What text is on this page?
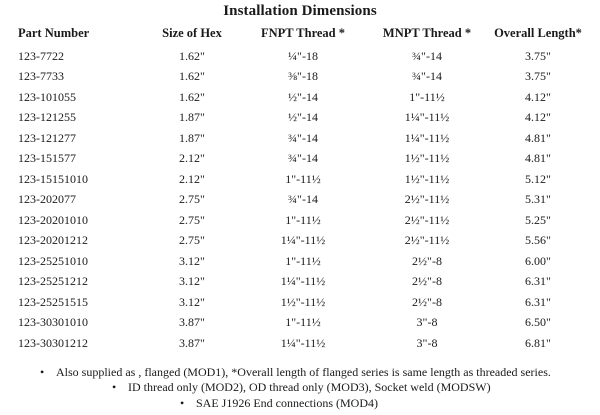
Installation Dimensions
Part Number	Size of Hex	FNPT Thread *	MNPT Thread *	Overall Length*
123-7722	1.62"	¼"-18	¾"-14	3.75"
123-7733	1.62"	⅜"-18	¾"-14	3.75"
123-101055	1.62"	½"-14	1"-11½	4.12"
123-121255	1.87"	½"-14	1¼"-11½	4.12"
123-121277	1.87"	¾"-14	1¼"-11½	4.81"
123-151577	2.12"	¾"-14	1½"-11½	4.81"
123-15151010	2.12"	1"-11½	1½"-11½	5.12"
123-202077	2.75"	¾"-14	2½"-11½	5.31"
123-20201010	2.75"	1"-11½	2½"-11½	5.25"
123-20201212	2.75"	1¼"-11½	2½"-11½	5.56"
123-25251010	3.12"	1"-11½	2½"-8	6.00"
123-25251212	3.12"	1¼"-11½	2½"-8	6.31"
123-25251515	3.12"	1½"-11½	2½"-8	6.31"
123-30301010	3.87"	1"-11½	3"-8	6.50"
123-30301212	3.87"	1¼"-11½	3"-8	6.81"
• Also supplied as , flanged (MOD1), *Overall length of flanged series is same length as threaded series.
• ID thread only (MOD2), OD thread only (MOD3), Socket weld (MODSW)
• SAE J1926 End connections (MOD4)
